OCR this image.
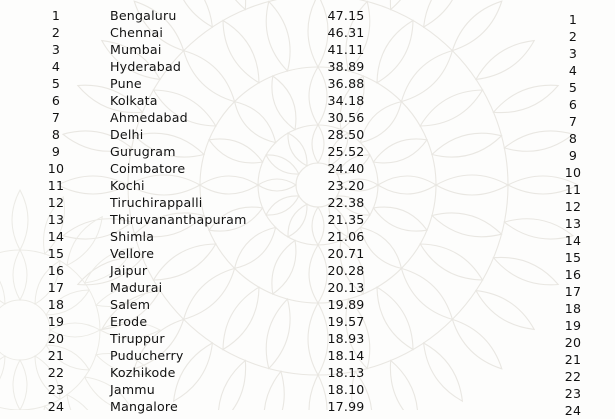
1	Bengaluru	47.15	1
2	Chennai	46.31	2
3	Mumbai	41.11	3
4	Hyderabad	38.89	4
5	Pune	36.88	5
6	Kolkata	34.18	6
7	Ahmedabad	30.56	7
8	Delhi	28.50	8
9	Gurugram	25.52	9
10	Coimbatore	24.40	10
11	Kochi	23.20	11
12	Tiruchirappalli	22.38	12
13	Thiruvananthapuram	21.35	13
14	Shimla	21.06	14
15	Vellore	20.71	15
16	Jaipur	20.28	16
17	Madurai	20.13	17
18	Salem	19.89	18
19	Erode	19.57	19
20	Tiruppur	18.93	20
21	Puducherry	18.14	21
22	Kozhikode	18.13	22
23	Jammu	18.10	23
24	Mangalore	17.99	24
